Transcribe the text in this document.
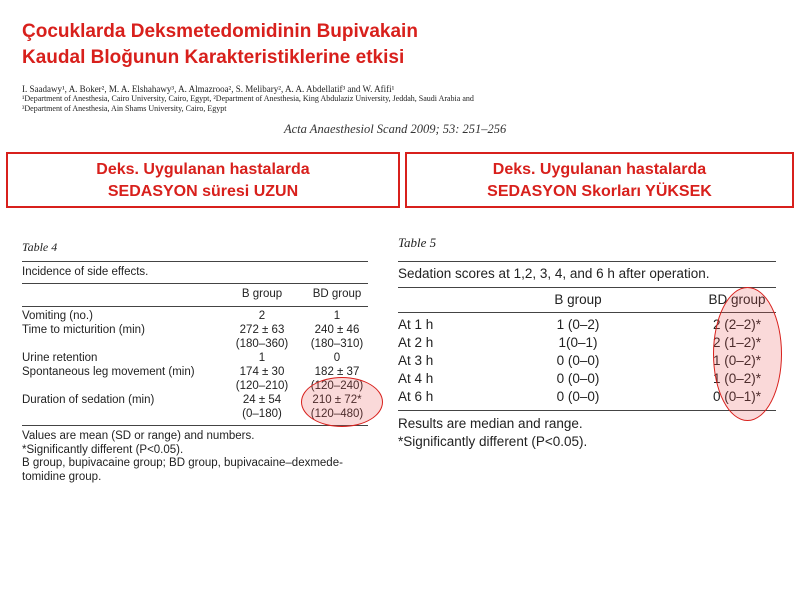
Çocuklarda Deksmetedomidinin Bupivakain
Kaudal Bloğunun Karakteristiklerine etkisi
I. Saadawy¹, A. Boker², M. A. Elshahawy³, A. Almazrooa², S. Melibary², A. A. Abdellatif³ and W. Afifi¹
¹Department of Anesthesia, Cairo University, Cairo, Egypt, ²Department of Anesthesia, King Abdulaziz University, Jeddah, Saudi Arabia and
³Department of Anesthesia, Ain Shams University, Cairo, Egypt
Acta Anaesthesiol Scand 2009; 53: 251–256
Deks. Uygulanan hastalarda
SEDASYON süresi UZUN
Deks. Uygulanan hastalarda
SEDASYON Skorları YÜKSEK
Table 4
Incidence of side effects.
B group	BD group
Vomiting (no.)	2	1
Time to micturition (min)	272 ± 63	240 ± 46
(180–360)	(180–310)
Urine retention	1	0
Spontaneous leg movement (min)	174 ± 30	182 ± 37
(120–210)	(120–240)
Duration of sedation (min)	24 ± 54	210 ± 72*
(0–180)	(120–480)
Values are mean (SD or range) and numbers.
*Significantly different (P<0.05).
B group, bupivacaine group; BD group, bupivacaine–dexmede-
tomidine group.
Table 5
Sedation scores at 1,2, 3, 4, and 6 h after operation.
B group	BD group
At 1 h	1 (0–2)	2 (2–2)*
At 2 h	1(0–1)	2 (1–2)*
At 3 h	0 (0–0)	1 (0–2)*
At 4 h	0 (0–0)	1 (0–2)*
At 6 h	0 (0–0)	0 (0–1)*
Results are median and range.
*Significantly different (P<0.05).
